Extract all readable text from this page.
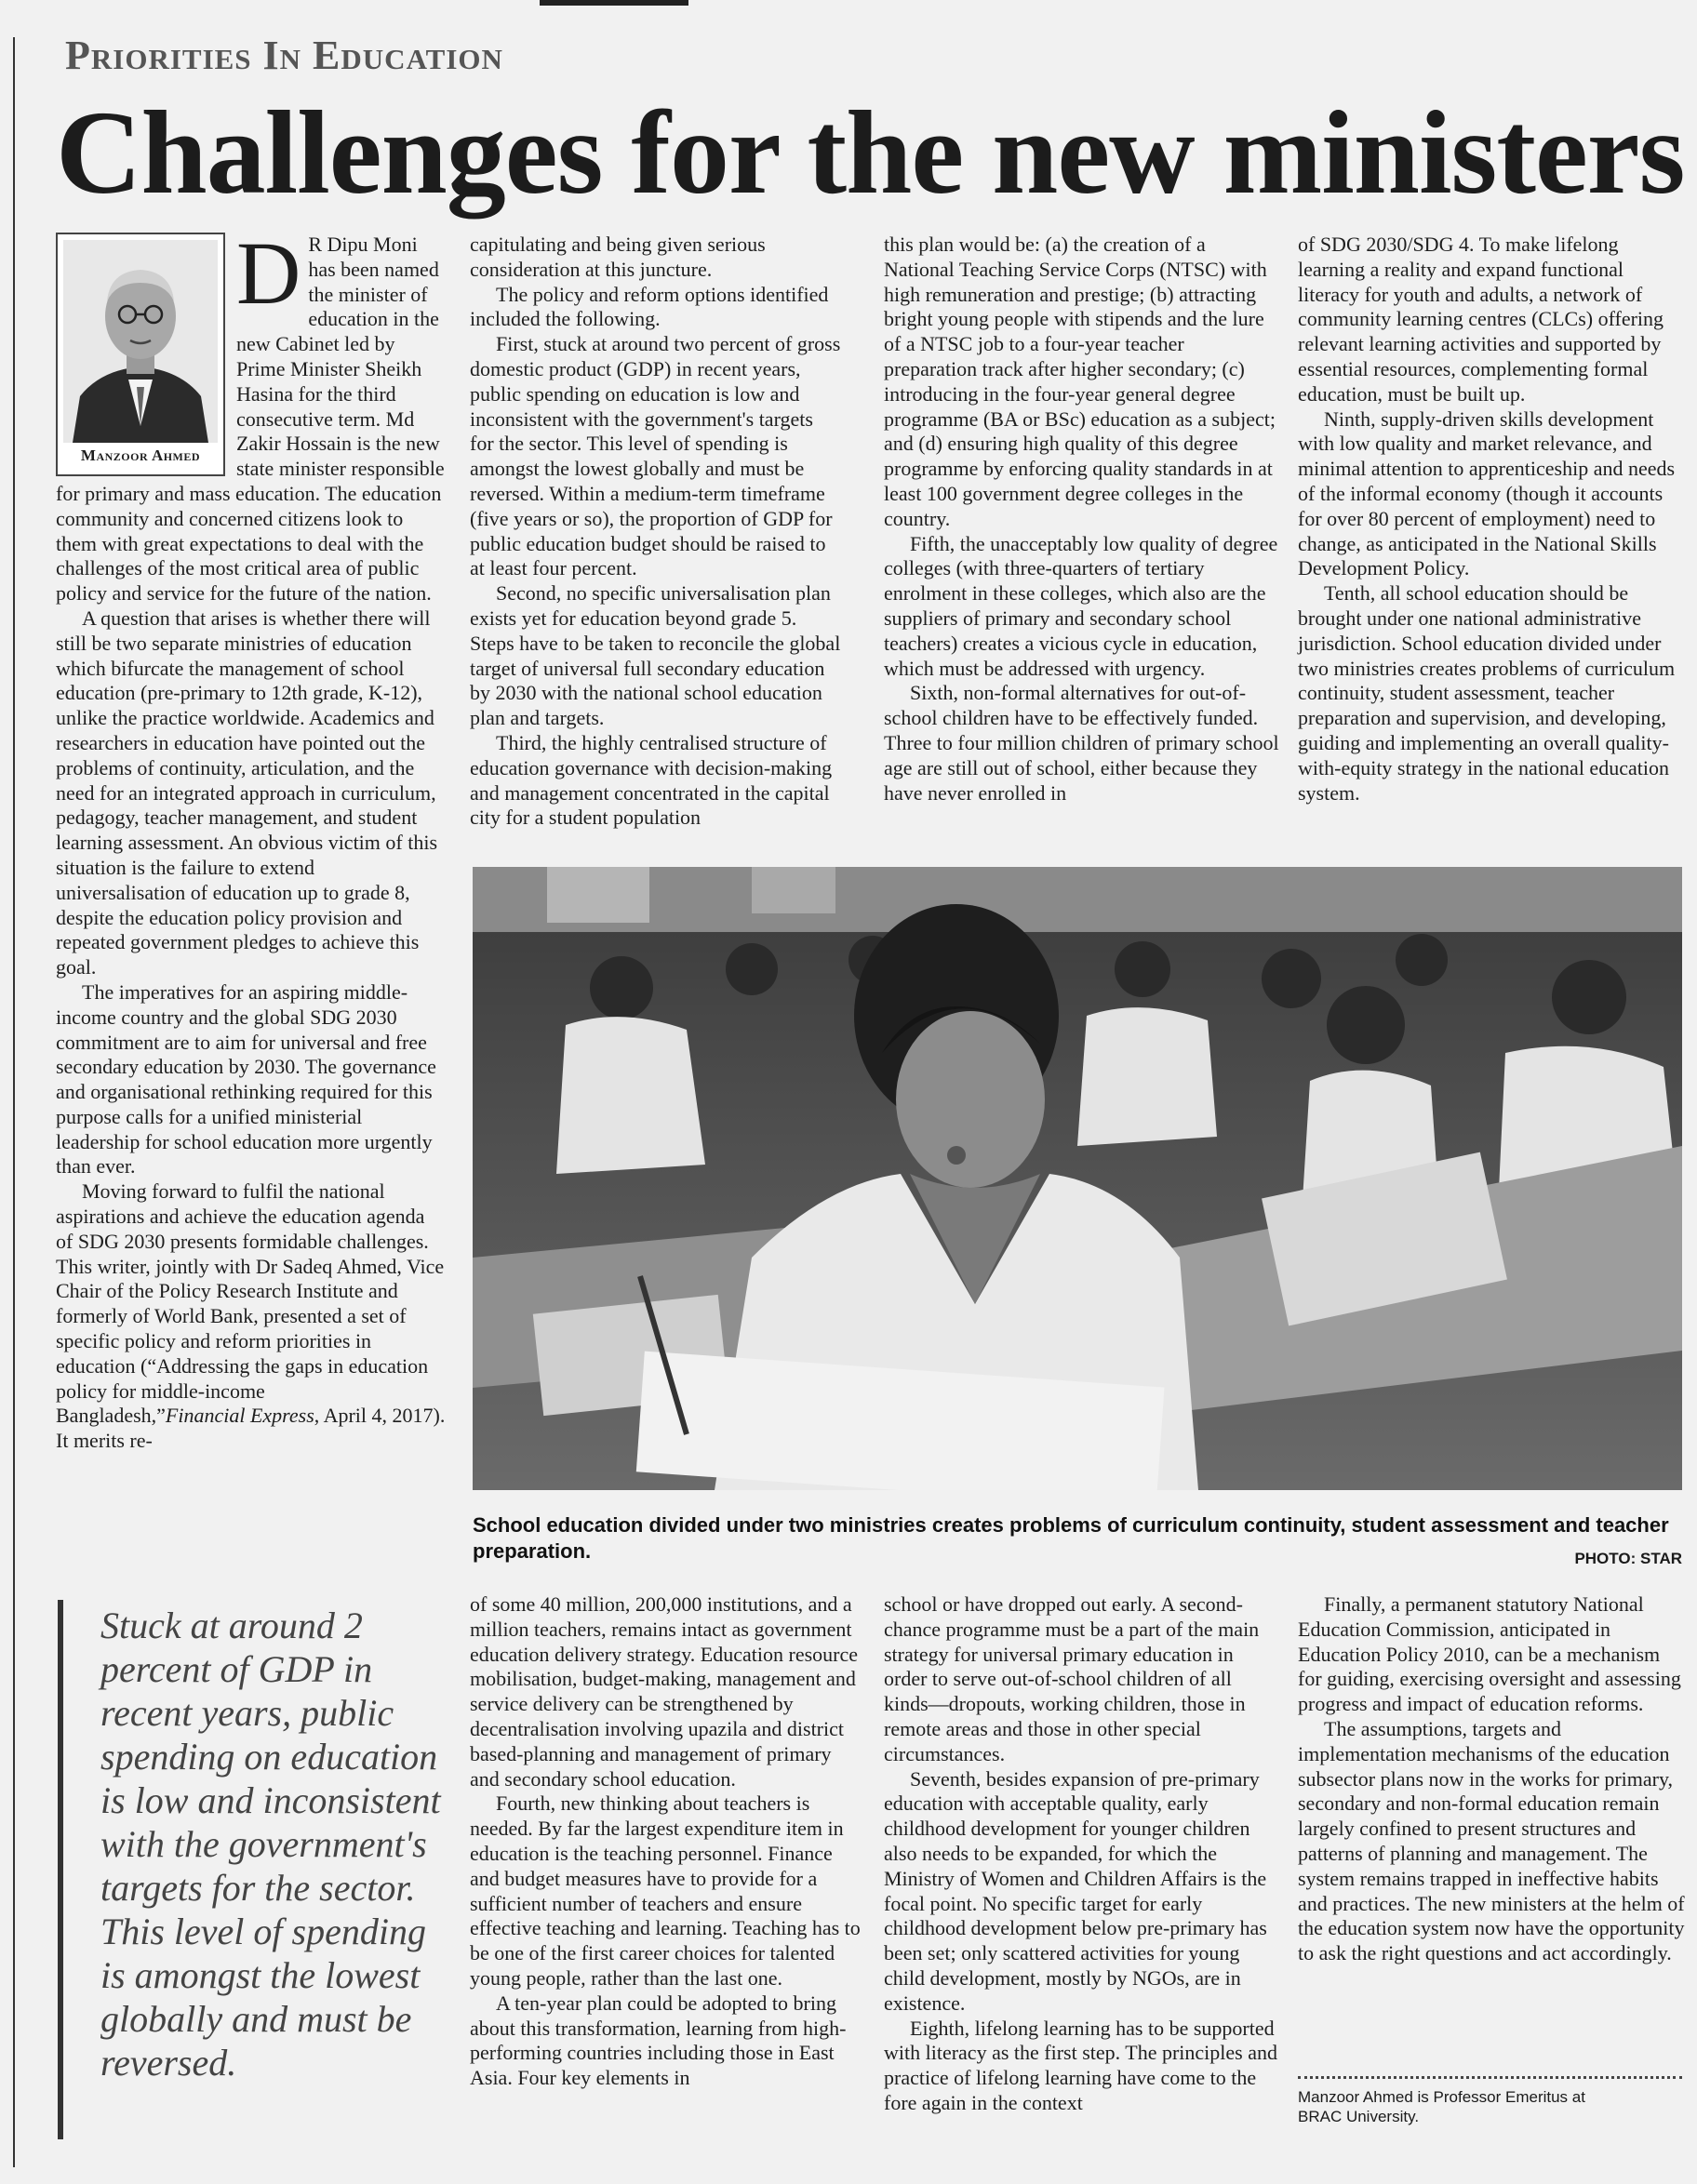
Priorities In Education
Challenges for the new ministers
Manzoor Ahmed
D R Dipu Moni has been named the minister of education in the new Cabinet led by Prime Minister Sheikh Hasina for the third consecutive term. Md Zakir Hossain is the new state minister responsible for primary and mass education. The education community and concerned citizens look to them with great expectations to deal with the challenges of the most critical area of public policy and service for the future of the nation.

A question that arises is whether there will still be two separate ministries of education which bifurcate the management of school education (pre-primary to 12th grade, K-12), unlike the practice worldwide. Academics and researchers in education have pointed out the problems of continuity, articulation, and the need for an integrated approach in curriculum, pedagogy, teacher management, and student learning assessment. An obvious victim of this situation is the failure to extend universalisation of education up to grade 8, despite the education policy provision and repeated government pledges to achieve this goal.

The imperatives for an aspiring middle-income country and the global SDG 2030 commitment are to aim for universal and free secondary education by 2030. The governance and organisational rethinking required for this purpose calls for a unified ministerial leadership for school education more urgently than ever.

Moving forward to fulfil the national aspirations and achieve the education agenda of SDG 2030 presents formidable challenges. This writer, jointly with Dr Sadeq Ahmed, Vice Chair of the Policy Research Institute and formerly of World Bank, presented a set of specific policy and reform priorities in education (“Addressing the gaps in education policy for middle-income Bangladesh,”Financial Express, April 4, 2017). It merits re-

capitulating and being given serious consideration at this juncture.

The policy and reform options identified included the following.

First, stuck at around two percent of gross domestic product (GDP) in recent years, public spending on education is low and inconsistent with the government's targets for the sector. This level of spending is amongst the lowest globally and must be reversed. Within a medium-term timeframe (five years or so), the proportion of GDP for public education budget should be raised to at least four percent.

Second, no specific universalisation plan exists yet for education beyond grade 5. Steps have to be taken to reconcile the global target of universal full secondary education by 2030 with the national school education plan and targets.

Third, the highly centralised structure of education governance with decision-making and management concentrated in the capital city for a student population

this plan would be: (a) the creation of a National Teaching Service Corps (NTSC) with high remuneration and prestige; (b) attracting bright young people with stipends and the lure of a NTSC job to a four-year teacher preparation track after higher secondary; (c) introducing in the four-year general degree programme (BA or BSc) education as a subject; and (d) ensuring high quality of this degree programme by enforcing quality standards in at least 100 government degree colleges in the country.

Fifth, the unacceptably low quality of degree colleges (with three-quarters of tertiary enrolment in these colleges, which also are the suppliers of primary and secondary school teachers) creates a vicious cycle in education, which must be addressed with urgency.

Sixth, non-formal alternatives for out-of-school children have to be effectively funded. Three to four million children of primary school age are still out of school, either because they have never enrolled in

of SDG 2030/SDG 4. To make lifelong learning a reality and expand functional literacy for youth and adults, a network of community learning centres (CLCs) offering relevant learning activities and supported by essential resources, complementing formal education, must be built up.

Ninth, supply-driven skills development with low quality and market relevance, and minimal attention to apprenticeship and needs of the informal economy (though it accounts for over 80 percent of employment) need to change, as anticipated in the National Skills Development Policy.

Tenth, all school education should be brought under one national administrative jurisdiction. School education divided under two ministries creates problems of curriculum continuity, student assessment, teacher preparation and supervision, and developing, guiding and implementing an overall quality-with-equity strategy in the national education system.

School education divided under two ministries creates problems of curriculum continuity, student assessment and teacher preparation.	PHOTO: STAR
Stuck at around 2 percent of GDP in recent years, public spending on education is low and inconsistent with the government's targets for the sector. This level of spending is amongst the lowest globally and must be reversed.

of some 40 million, 200,000 institutions, and a million teachers, remains intact as government education delivery strategy. Education resource mobilisation, budget-making, management and service delivery can be strengthened by decentralisation involving upazila and district based-planning and management of primary and secondary school education.

Fourth, new thinking about teachers is needed. By far the largest expenditure item in education is the teaching personnel. Finance and budget measures have to provide for a sufficient number of teachers and ensure effective teaching and learning. Teaching has to be one of the first career choices for talented young people, rather than the last one.

A ten-year plan could be adopted to bring about this transformation, learning from high-performing countries including those in East Asia. Four key elements in

school or have dropped out early. A second-chance programme must be a part of the main strategy for universal primary education in order to serve out-of-school children of all kinds—dropouts, working children, those in remote areas and those in other special circumstances.

Seventh, besides expansion of pre-primary education with acceptable quality, early childhood development for younger children also needs to be expanded, for which the Ministry of Women and Children Affairs is the focal point. No specific target for early childhood development below pre-primary has been set; only scattered activities for young child development, mostly by NGOs, are in existence.

Eighth, lifelong learning has to be supported with literacy as the first step. The principles and practice of lifelong learning have come to the fore again in the context

Finally, a permanent statutory National Education Commission, anticipated in Education Policy 2010, can be a mechanism for guiding, exercising oversight and assessing progress and impact of education reforms.

The assumptions, targets and implementation mechanisms of the education subsector plans now in the works for primary, secondary and non-formal education remain largely confined to present structures and patterns of planning and management. The system remains trapped in ineffective habits and practices. The new ministers at the helm of the education system now have the opportunity to ask the right questions and act accordingly.

Manzoor Ahmed is Professor Emeritus at BRAC University.
